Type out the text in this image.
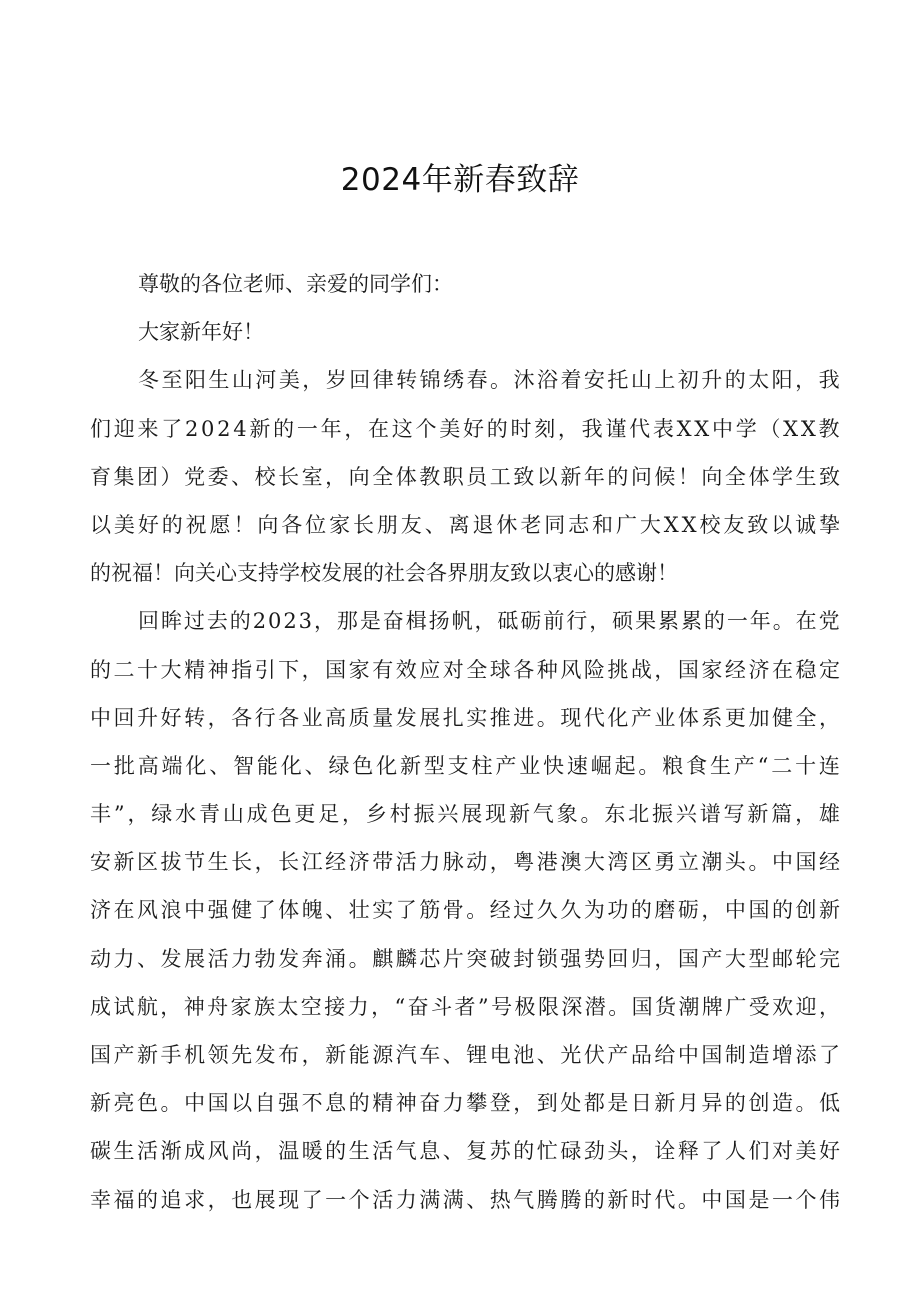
2024年新春致辞
尊敬的各位老师、亲爱的同学们：
大家新年好！
冬 至 阳 生 山 河 美 ， 岁 回 律 转 锦 绣 春 。 沐 浴 着 安 托 山 上 初 升 的 太 阳 ， 我
们 迎 来 了 2 0 2 4 新 的 一 年 ， 在 这 个 美 好 的 时 刻 ， 我 谨 代 表 X X 中 学 （ X X 教
育 集 团 ） 党 委 、 校 长 室 ， 向 全 体 教 职 员 工 致 以 新 年 的 问 候 ！ 向 全 体 学 生 致
以 美 好 的 祝 愿 ！ 向 各 位 家 长 朋 友 、 离 退 休 老 同 志 和 广 大 X X 校 友 致 以 诚 挚
的祝福！向关心支持学校发展的社会各界朋友致以衷心的感谢！
回 眸 过 去 的 2 0 2 3 ， 那 是 奋 楫 扬 帆 ， 砥 砺 前 行 ， 硕 果 累 累 的 一 年 。 在 党
的 二 十 大 精 神 指 引 下 ， 国 家 有 效 应 对 全 球 各 种 风 险 挑 战 ， 国 家 经 济 在 稳 定
中 回 升 好 转 ， 各 行 各 业 高 质 量 发 展 扎 实 推 进 。 现 代 化 产 业 体 系 更 加 健 全 ，
一 批 高 端 化 、 智 能 化 、 绿 色 化 新 型 支 柱 产 业 快 速 崛 起 。 粮 食 生 产 “ 二 十 连
丰 ” ， 绿 水 青 山 成 色 更 足 ， 乡 村 振 兴 展 现 新 气 象 。 东 北 振 兴 谱 写 新 篇 ， 雄
安 新 区 拔 节 生 长 ， 长 江 经 济 带 活 力 脉 动 ， 粤 港 澳 大 湾 区 勇 立 潮 头 。 中 国 经
济 在 风 浪 中 强 健 了 体 魄 、 壮 实 了 筋 骨 。 经 过 久 久 为 功 的 磨 砺 ， 中 国 的 创 新
动 力 、 发 展 活 力 勃 发 奔 涌 。 麒 麟 芯 片 突 破 封 锁 强 势 回 归 ， 国 产 大 型 邮 轮 完
成 试 航 ， 神 舟 家 族 太 空 接 力 ， “ 奋 斗 者 ” 号 极 限 深 潜 。 国 货 潮 牌 广 受 欢 迎 ，
国 产 新 手 机 领 先 发 布 ， 新 能 源 汽 车 、 锂 电 池 、 光 伏 产 品 给 中 国 制 造 增 添 了
新 亮 色 。 中 国 以 自 强 不 息 的 精 神 奋 力 攀 登 ， 到 处 都 是 日 新 月 异 的 创 造 。 低
碳 生 活 渐 成 风 尚 ， 温 暖 的 生 活 气 息 、 复 苏 的 忙 碌 劲 头 ， 诠 释 了 人 们 对 美 好
幸 福 的 追 求 ， 也 展 现 了 一 个 活 力 满 满 、 热 气 腾 腾 的 新 时 代 。 中 国 是 一 个 伟
